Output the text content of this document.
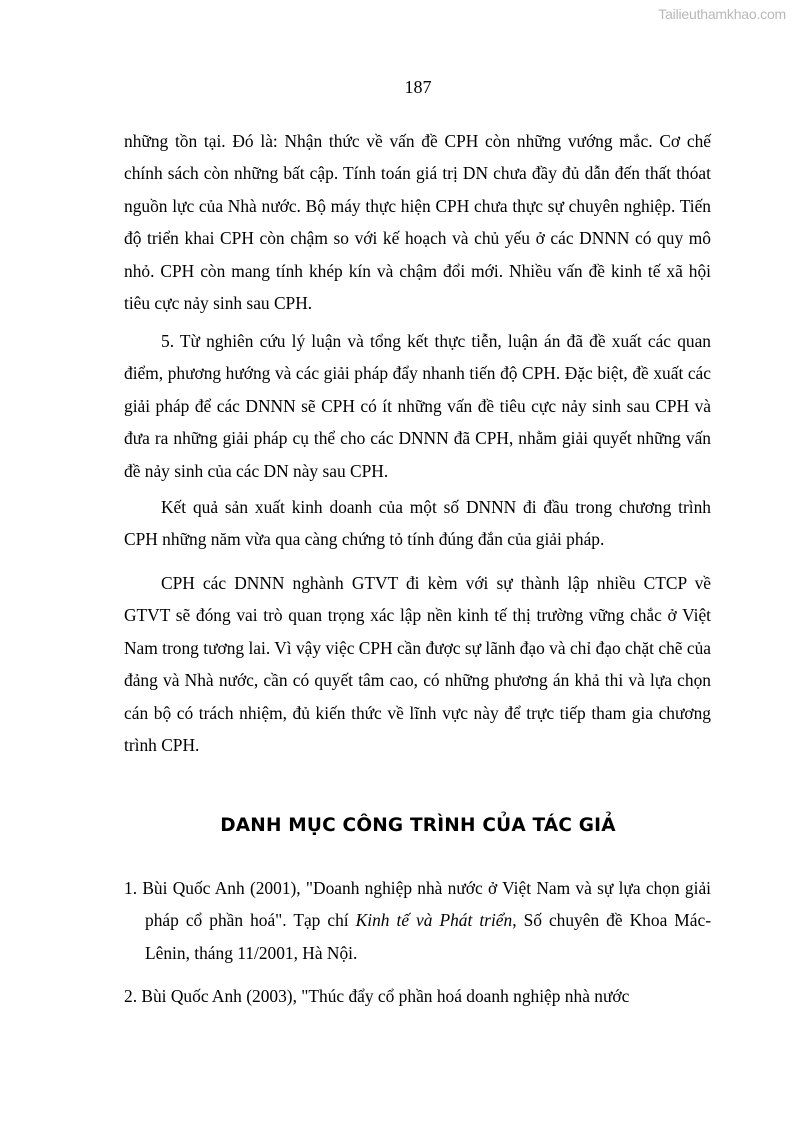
Tailieuthamkhao.com
187

những tồn tại. Đó là: Nhận thức về vấn đề CPH còn những vướng mắc. Cơ chế chính sách còn những bất cập. Tính toán giá trị DN chưa đầy đủ dẫn đến thất thóat nguồn lực của Nhà nước. Bộ máy thực hiện CPH chưa thực sự chuyên nghiệp. Tiến độ triển khai CPH còn chậm so với kế hoạch và chủ yếu ở các DNNN có quy mô nhỏ. CPH còn mang tính khép kín và chậm đổi mới. Nhiều vấn đề kinh tế xã hội tiêu cực nảy sinh sau CPH.

5. Từ nghiên cứu lý luận và tổng kết thực tiễn, luận án đã đề xuất các quan điểm, phương hướng và các giải pháp đẩy nhanh tiến độ CPH. Đặc biệt, đề xuất các giải pháp để các DNNN sẽ CPH có ít những vấn đề tiêu cực nảy sinh sau CPH và đưa ra những giải pháp cụ thể cho các DNNN đã CPH, nhằm giải quyết những vấn đề nảy sinh của các DN này sau CPH.

Kết quả sản xuất kinh doanh của một số DNNN đi đầu trong chương trình CPH những năm vừa qua càng chứng tỏ tính đúng đắn của giải pháp.

CPH các DNNN nghành GTVT đi kèm với sự thành lập nhiều CTCP về GTVT sẽ đóng vai trò quan trọng xác lập nền kinh tế thị trường vững chắc ở Việt Nam trong tương lai. Vì vậy việc CPH cần được sự lãnh đạo và chỉ đạo chặt chẽ của đảng và Nhà nước, cần có quyết tâm cao, có những phương án khả thi và lựa chọn cán bộ có trách nhiệm, đủ kiến thức về lĩnh vực này để trực tiếp tham gia chương trình CPH.

DANH MỤC CÔNG TRÌNH CỦA TÁC GIẢ

1. Bùi Quốc Anh (2001), "Doanh nghiệp nhà nước ở Việt Nam và sự lựa chọn giải pháp cổ phần hoá". Tạp chí Kinh tế và Phát triển, Số chuyên đề Khoa Mác- Lênin, tháng 11/2001, Hà Nội.

2. Bùi Quốc Anh (2003), "Thúc đẩy cổ phần hoá doanh nghiệp nhà nước
